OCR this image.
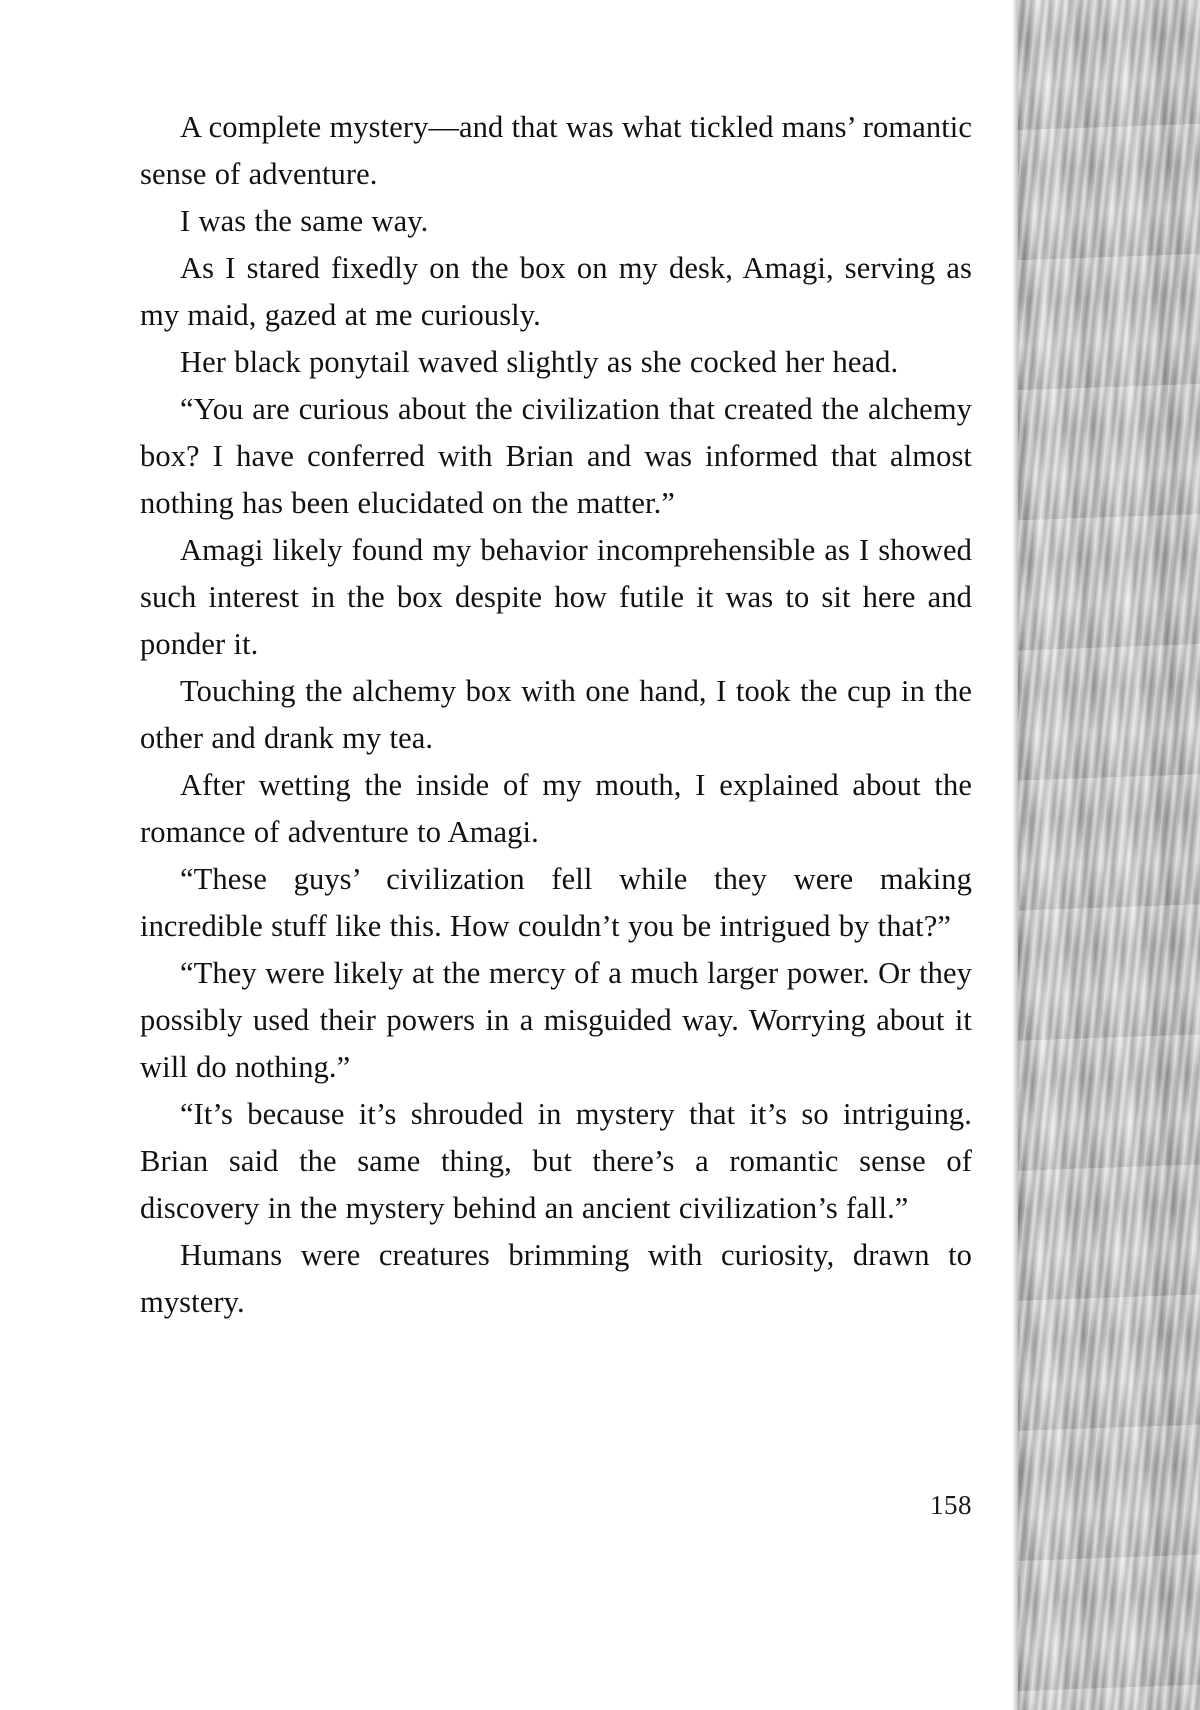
A complete mystery—and that was what tickled mans’ romantic sense of adventure.

I was the same way.

As I stared fixedly on the box on my desk, Amagi, serving as my maid, gazed at me curiously.

Her black ponytail waved slightly as she cocked her head.

“You are curious about the civilization that created the alchemy box? I have conferred with Brian and was informed that almost nothing has been elucidated on the matter.”

Amagi likely found my behavior incomprehensible as I showed such interest in the box despite how futile it was to sit here and ponder it.

Touching the alchemy box with one hand, I took the cup in the other and drank my tea.

After wetting the inside of my mouth, I explained about the romance of adventure to Amagi.

“These guys’ civilization fell while they were making incredible stuff like this. How couldn’t you be intrigued by that?”

“They were likely at the mercy of a much larger power. Or they possibly used their powers in a misguided way. Worrying about it will do nothing.”

“It’s because it’s shrouded in mystery that it’s so intriguing. Brian said the same thing, but there’s a romantic sense of discovery in the mystery behind an ancient civilization’s fall.”

Humans were creatures brimming with curiosity, drawn to mystery.

158
